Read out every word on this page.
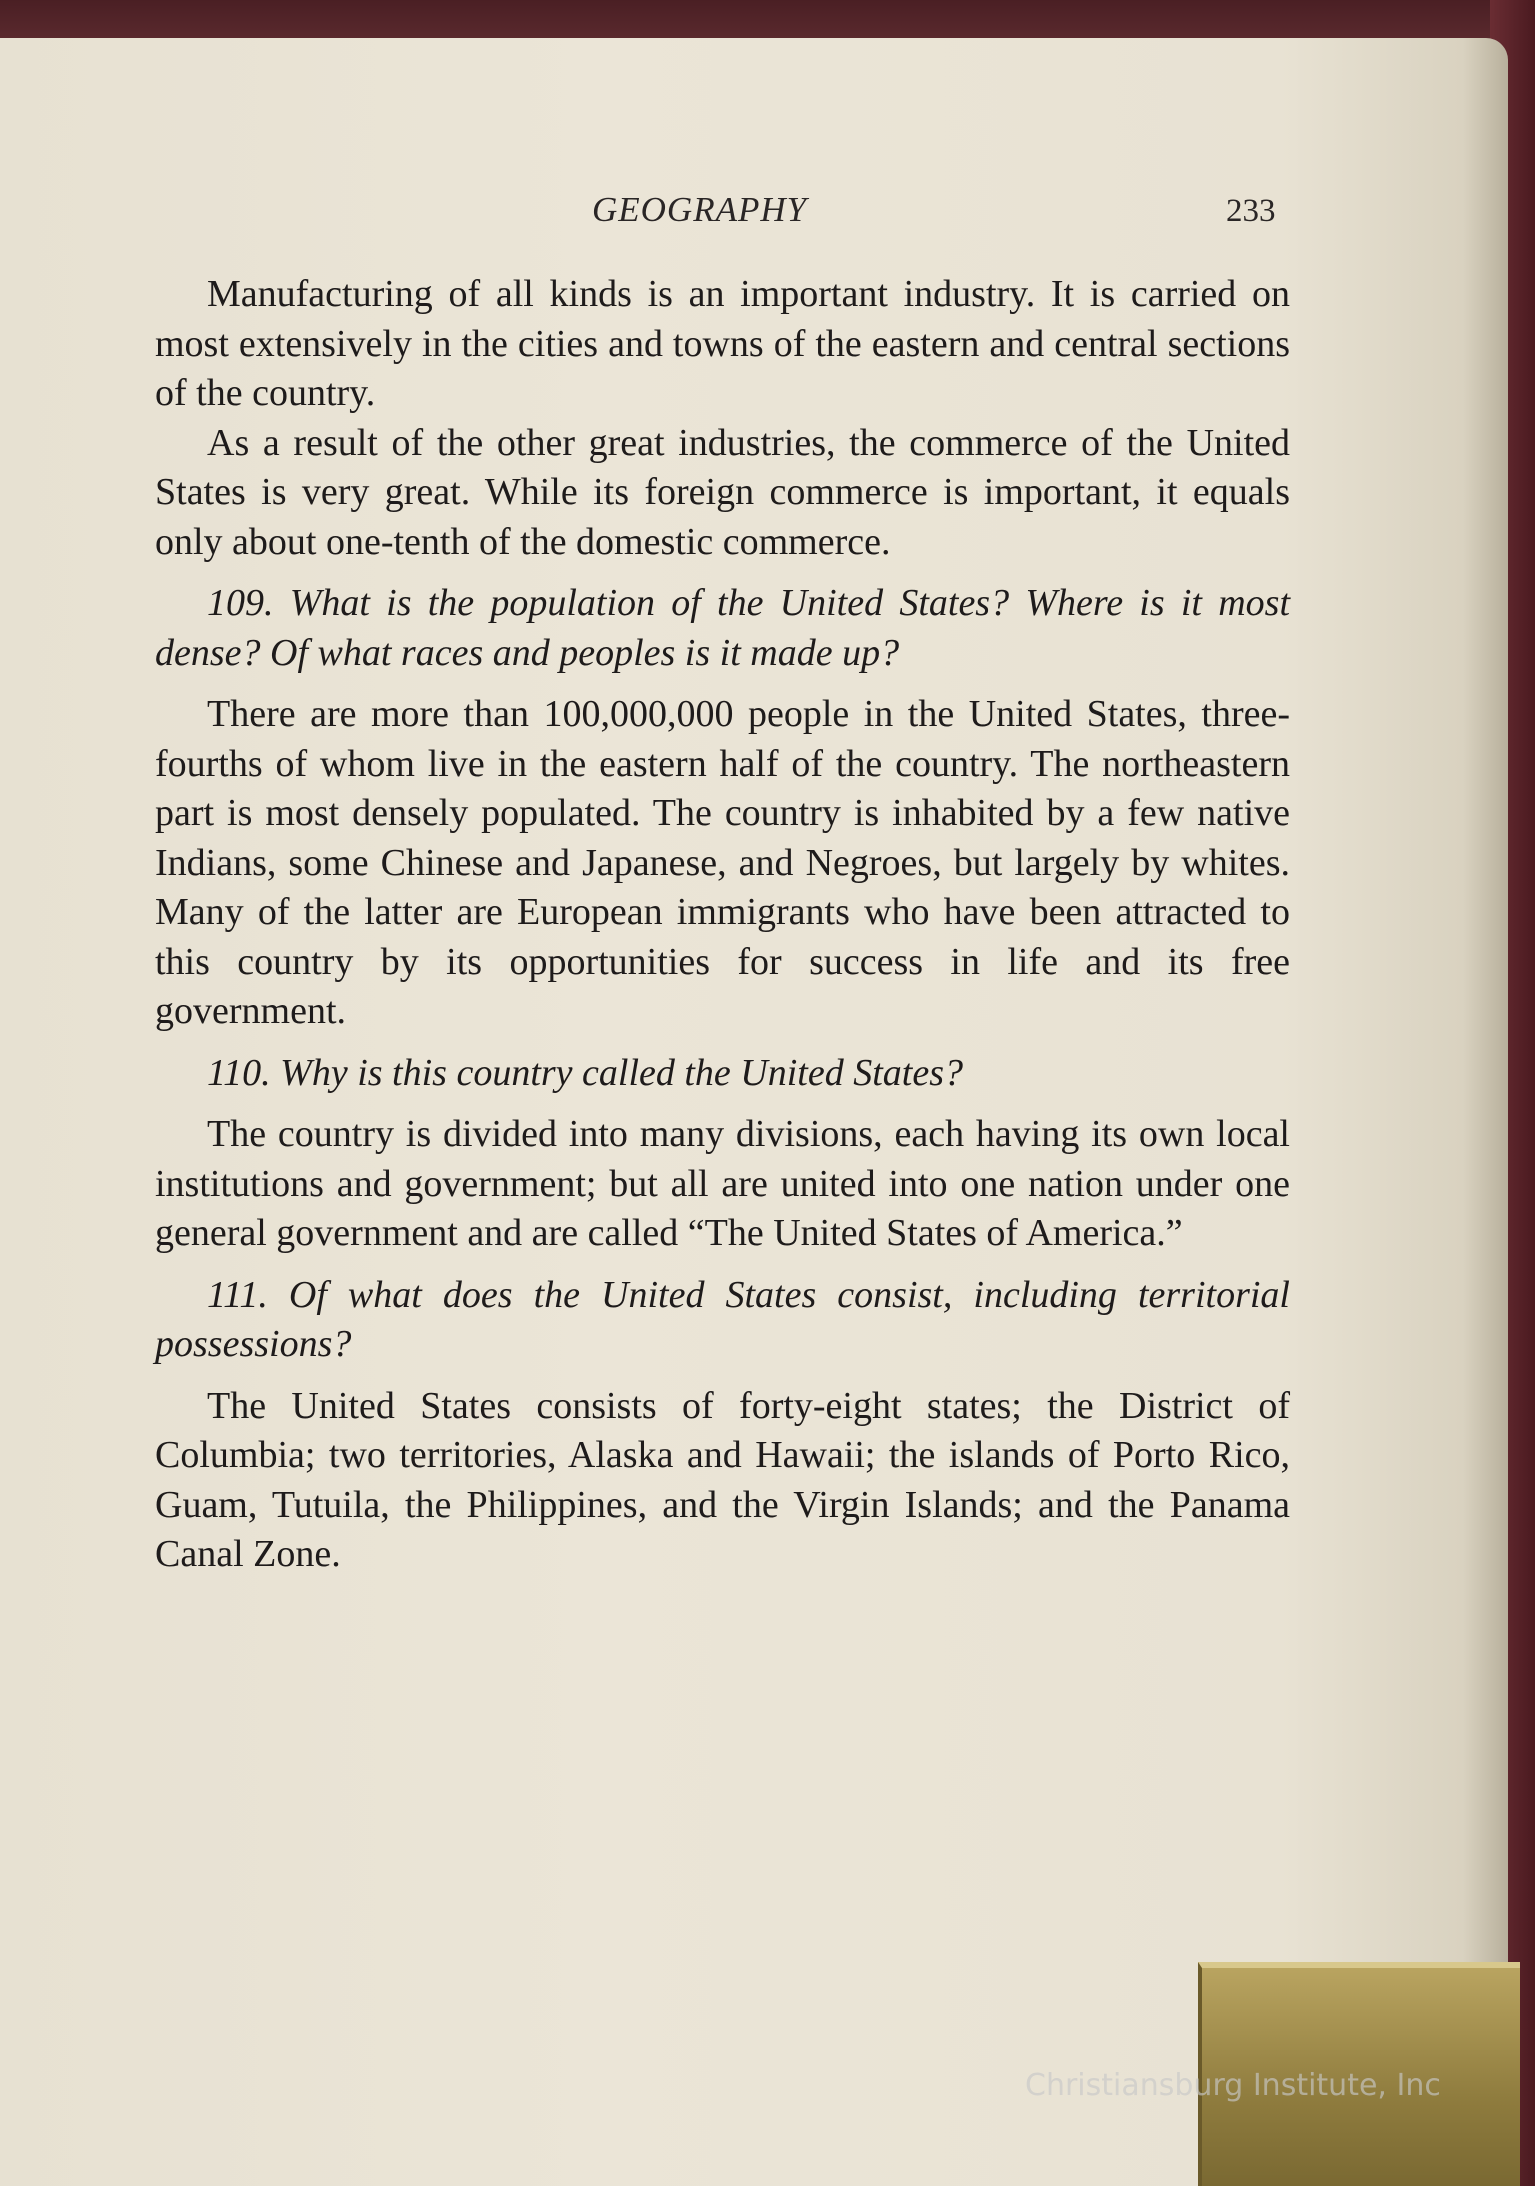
GEOGRAPHY	233

Manufacturing of all kinds is an important industry. It is carried on most extensively in the cities and towns of the eastern and central sections of the country.

As a result of the other great industries, the commerce of the United States is very great. While its foreign commerce is important, it equals only about one-tenth of the domestic commerce.

109. What is the population of the United States? Where is it most dense? Of what races and peoples is it made up?

There are more than 100,000,000 people in the United States, three-fourths of whom live in the eastern half of the country. The northeastern part is most densely populated. The country is inhabited by a few native Indians, some Chinese and Japanese, and Negroes, but largely by whites. Many of the latter are European immigrants who have been attracted to this country by its opportunities for success in life and its free government.

110. Why is this country called the United States?

The country is divided into many divisions, each having its own local institutions and government; but all are united into one nation under one general government and are called “The United States of America.”

111. Of what does the United States consist, including territorial possessions?

The United States consists of forty-eight states; the District of Columbia; two territories, Alaska and Hawaii; the islands of Porto Rico, Guam, Tutuila, the Philippines, and the Virgin Islands; and the Panama Canal Zone.

Christiansburg Institute, Inc
